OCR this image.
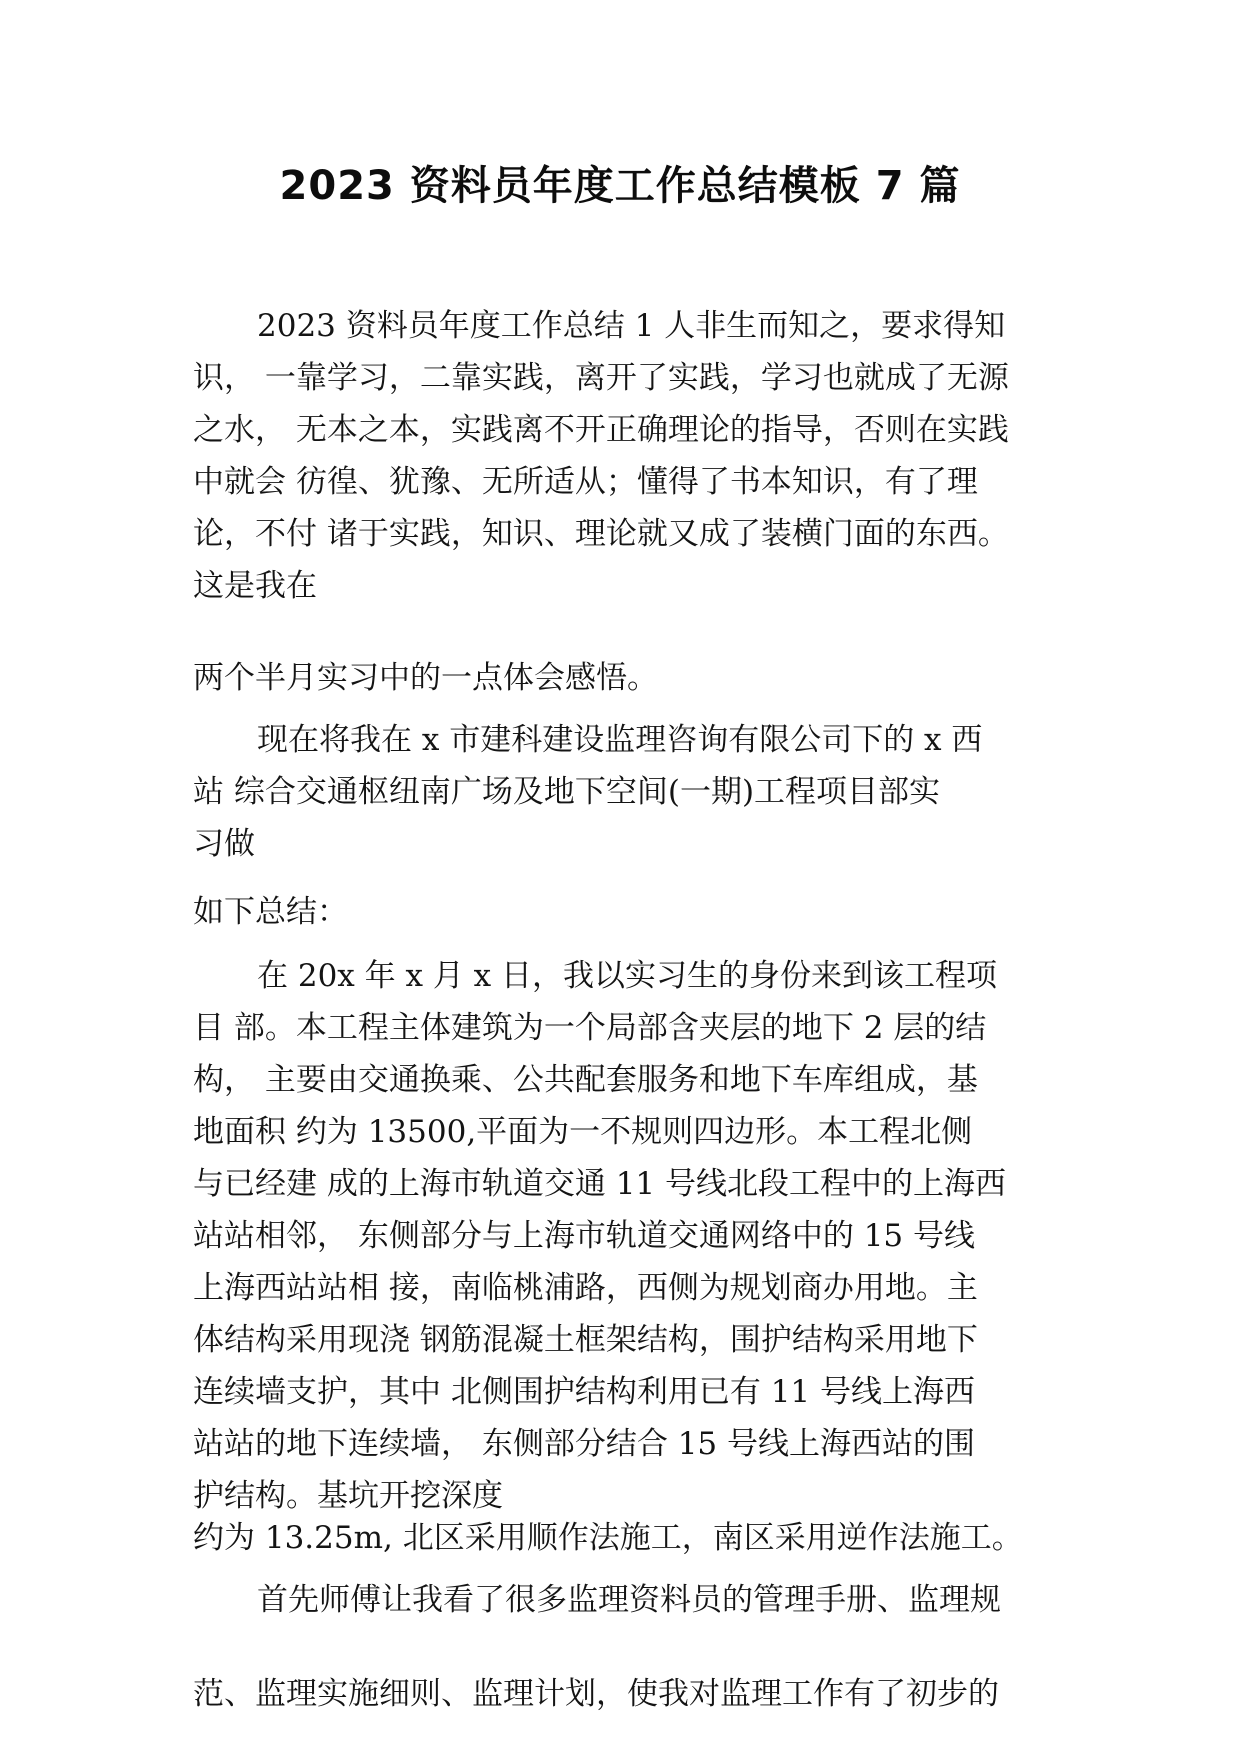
2023 资料员年度工作总结模板 7 篇
2023 资料员年度工作总结 1 人非生而知之，要求得知
识， 一靠学习，二靠实践，离开了实践，学习也就成了无源
之水， 无本之本，实践离不开正确理论的指导，否则在实践
中就会 彷徨、犹豫、无所适从；懂得了书本知识，有了理
论，不付 诸于实践，知识、理论就又成了装横门面的东西。
这是我在
两个半月实习中的一点体会感悟。
现在将我在 x 市建科建设监理咨询有限公司下的 x 西
站 综合交通枢纽南广场及地下空间(一期)工程项目部实
习做
如下总结：
在 20x 年 x 月 x 日，我以实习生的身份来到该工程项
目 部。本工程主体建筑为一个局部含夹层的地下 2 层的结
构， 主要由交通换乘、公共配套服务和地下车库组成，基
地面积 约为 13500,平面为一不规则四边形。本工程北侧
与已经建 成的上海市轨道交通 11 号线北段工程中的上海西
站站相邻， 东侧部分与上海市轨道交通网络中的 15 号线
上海西站站相 接，南临桃浦路，西侧为规划商办用地。主
体结构采用现浇 钢筋混凝土框架结构，围护结构采用地下
连续墙支护，其中 北侧围护结构利用已有 11 号线上海西
站站的地下连续墙， 东侧部分结合 15 号线上海西站的围
护结构。基坑开挖深度
约为 13.25m, 北区采用顺作法施工，南区采用逆作法施工。
首先师傅让我看了很多监理资料员的管理手册、监理规
范、监理实施细则、监理计划，使我对监理工作有了初步的
